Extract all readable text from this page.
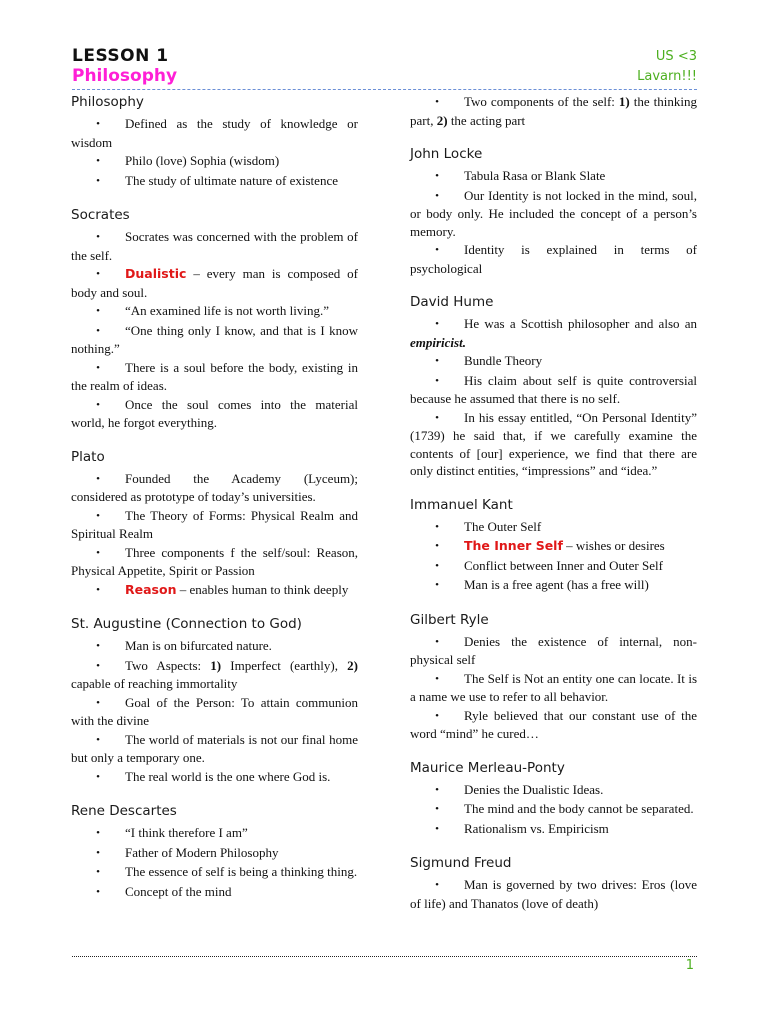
LESSON 1
Philosophy
US <3
Lavarn!!!
Philosophy
• Defined as the study of knowledge or wisdom
• Philo (love) Sophia (wisdom)
• The study of ultimate nature of existence
Socrates
• Socrates was concerned with the problem of the self.
• Dualistic – every man is composed of body and soul.
• “An examined life is not worth living.”
• “One thing only I know, and that is I know nothing.”
• There is a soul before the body, existing in the realm of ideas.
• Once the soul comes into the material world, he forgot everything.
Plato
• Founded the Academy (Lyceum); considered as prototype of today’s universities.
• The Theory of Forms: Physical Realm and Spiritual Realm
• Three components f the self/soul: Reason, Physical Appetite, Spirit or Passion
• Reason – enables human to think deeply
St. Augustine (Connection to God)
• Man is on bifurcated nature.
• Two Aspects: 1) Imperfect (earthly), 2) capable of reaching immortality
• Goal of the Person: To attain communion with the divine
• The world of materials is not our final home but only a temporary one.
• The real world is the one where God is.
Rene Descartes
• “I think therefore I am”
• Father of Modern Philosophy
• The essence of self is being a thinking thing.
• Concept of the mind
• Two components of the self: 1) the thinking part, 2) the acting part
John Locke
• Tabula Rasa or Blank Slate
• Our Identity is not locked in the mind, soul, or body only. He included the concept of a person’s memory.
• Identity is explained in terms of psychological
David Hume
• He was a Scottish philosopher and also an empiricist.
• Bundle Theory
• His claim about self is quite controversial because he assumed that there is no self.
• In his essay entitled, “On Personal Identity” (1739) he said that, if we carefully examine the contents of [our] experience, we find that there are only distinct entities, “impressions” and “idea.”
Immanuel Kant
• The Outer Self
• The Inner Self – wishes or desires
• Conflict between Inner and Outer Self
• Man is a free agent (has a free will)
Gilbert Ryle
• Denies the existence of internal, non-physical self
• The Self is Not an entity one can locate. It is a name we use to refer to all behavior.
• Ryle believed that our constant use of the word “mind” he cured…
Maurice Merleau-Ponty
• Denies the Dualistic Ideas.
• The mind and the body cannot be separated.
• Rationalism vs. Empiricism
Sigmund Freud
• Man is governed by two drives: Eros (love of life) and Thanatos (love of death)
1
